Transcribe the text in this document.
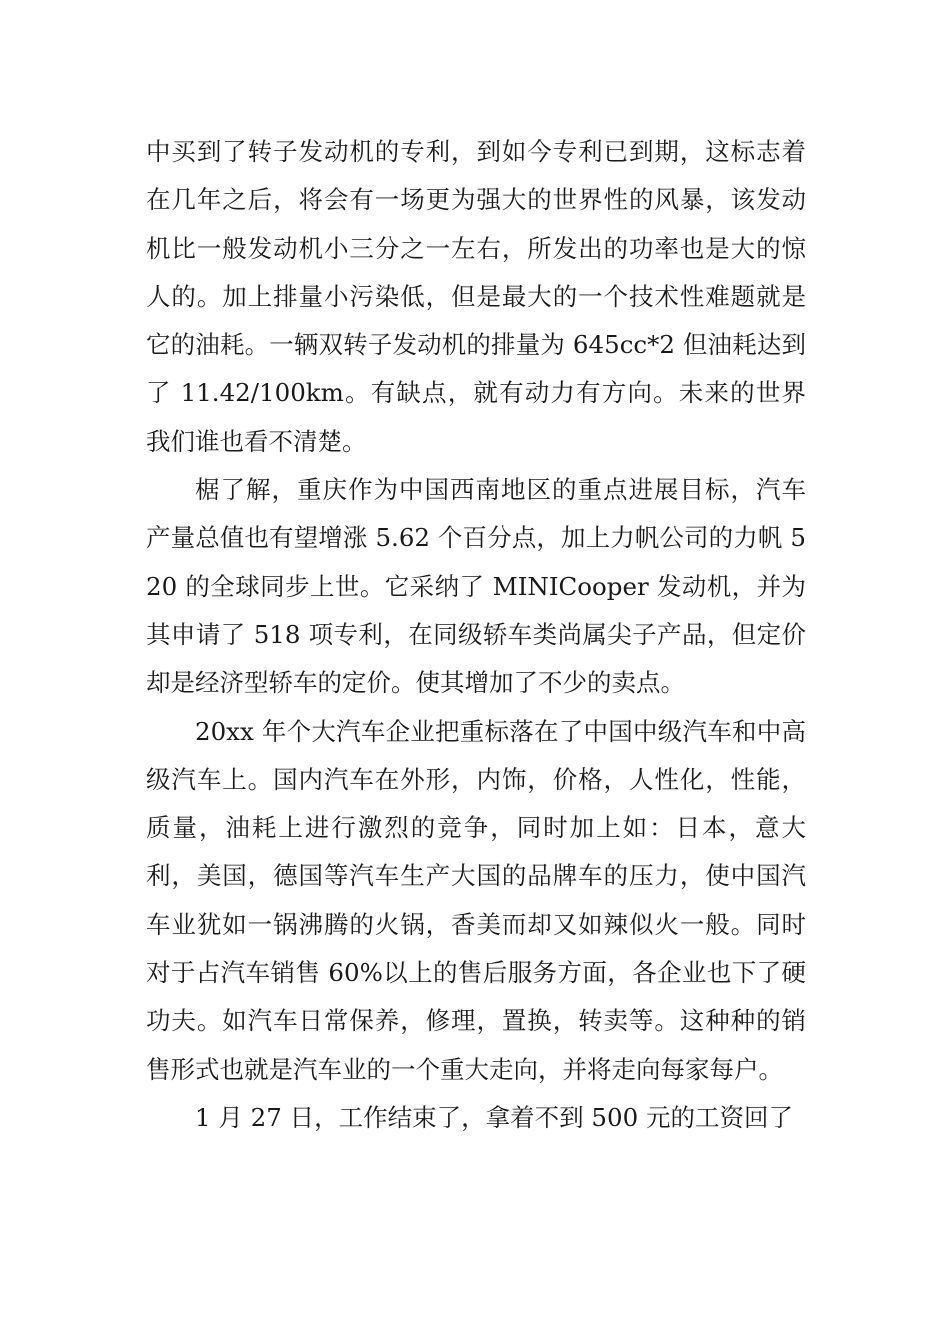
中买到了转子发动机的专利，到如今专利已到期，这标志着在几年之后，将会有一场更为强大的世界性的风暴，该发动机比一般发动机小三分之一左右，所发出的功率也是大的惊人的。加上排量小污染低，但是最大的一个技术性难题就是它的油耗。一辆双转子发动机的排量为 645cc*2 但油耗达到了 11.42/100km。有缺点，就有动力有方向。未来的世界我们谁也看不清楚。

椐了解，重庆作为中国西南地区的重点进展目标，汽车产量总值也有望增涨 5.62 个百分点，加上力帆公司的力帆 520 的全球同步上世。它采纳了 MINICooper 发动机，并为其申请了 518 项专利，在同级轿车类尚属尖子产品，但定价却是经济型轿车的定价。使其增加了不少的卖点。

20xx 年个大汽车企业把重标落在了中国中级汽车和中高级汽车上。国内汽车在外形，内饰，价格，人性化，性能，质量，油耗上进行激烈的竞争，同时加上如：日本，意大利，美国，德国等汽车生产大国的品牌车的压力，使中国汽车业犹如一锅沸腾的火锅，香美而却又如辣似火一般。同时对于占汽车销售 60%以上的售后服务方面，各企业也下了硬功夫。如汽车日常保养，修理，置换，转卖等。这种种的销售形式也就是汽车业的一个重大走向，并将走向每家每户。

1 月 27 日，工作结束了，拿着不到 500 元的工资回了
